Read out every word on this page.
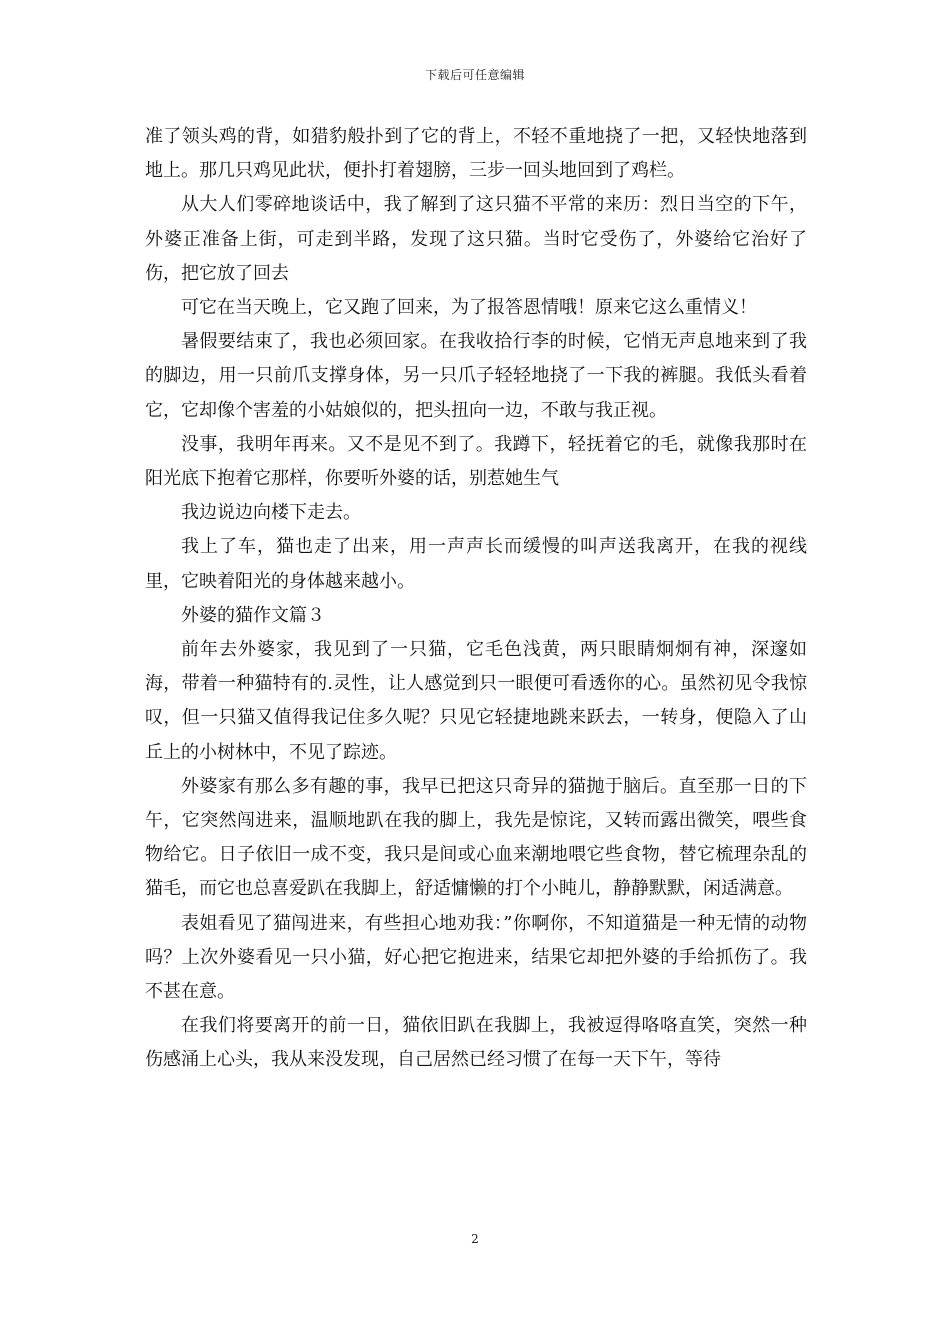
下载后可任意编辑

准了领头鸡的背，如猎豹般扑到了它的背上，不轻不重地挠了一把，又轻快地落到地上。那几只鸡见此状，便扑打着翅膀，三步一回头地回到了鸡栏。

从大人们零碎地谈话中，我了解到了这只猫不平常的来历：烈日当空的下午，外婆正准备上街，可走到半路，发现了这只猫。当时它受伤了，外婆给它治好了伤，把它放了回去

可它在当天晚上，它又跑了回来，为了报答恩情哦！原来它这么重情义！

暑假要结束了，我也必须回家。在我收拾行李的时候，它悄无声息地来到了我的脚边，用一只前爪支撑身体，另一只爪子轻轻地挠了一下我的裤腿。我低头看着它，它却像个害羞的小姑娘似的，把头扭向一边，不敢与我正视。

没事，我明年再来。又不是见不到了。我蹲下，轻抚着它的毛，就像我那时在阳光底下抱着它那样，你要听外婆的话，别惹她生气

我边说边向楼下走去。

我上了车，猫也走了出来，用一声声长而缓慢的叫声送我离开，在我的视线里，它映着阳光的身体越来越小。

外婆的猫作文篇３

前年去外婆家，我见到了一只猫，它毛色浅黄，两只眼睛炯炯有神，深邃如海，带着一种猫特有的.灵性，让人感觉到只一眼便可看透你的心。虽然初见令我惊叹，但一只猫又值得我记住多久呢？只见它轻捷地跳来跃去，一转身，便隐入了山丘上的小树林中，不见了踪迹。

外婆家有那么多有趣的事，我早已把这只奇异的猫抛于脑后。直至那一日的下午，它突然闯进来，温顺地趴在我的脚上，我先是惊诧，又转而露出微笑，喂些食物给它。日子依旧一成不变，我只是间或心血来潮地喂它些食物，替它梳理杂乱的猫毛，而它也总喜爱趴在我脚上，舒适慵懒的打个小盹儿，静静默默，闲适满意。

表姐看见了猫闯进来，有些担心地劝我：”你啊你，不知道猫是一种无情的动物吗？上次外婆看见一只小猫，好心把它抱进来，结果它却把外婆的手给抓伤了。我不甚在意。

在我们将要离开的前一日，猫依旧趴在我脚上，我被逗得咯咯直笑，突然一种伤感涌上心头，我从来没发现，自己居然已经习惯了在每一天下午，等待

2
